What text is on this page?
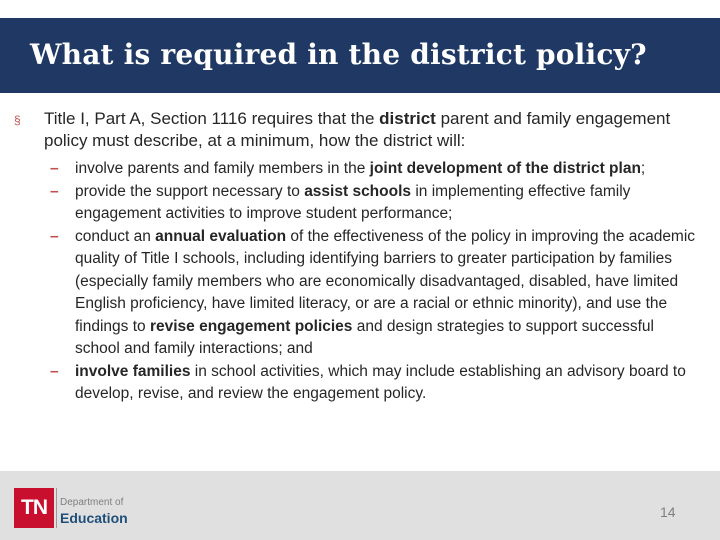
What is required in the district policy?
§ Title I, Part A, Section 1116 requires that the district parent and family engagement policy must describe, at a minimum, how the district will:
– involve parents and family members in the joint development of the district plan;
– provide the support necessary to assist schools in implementing effective family engagement activities to improve student performance;
– conduct an annual evaluation of the effectiveness of the policy in improving the academic quality of Title I schools, including identifying barriers to greater participation by families (especially family members who are economically disadvantaged, disabled, have limited English proficiency, have limited literacy, or are a racial or ethnic minority), and use the findings to revise engagement policies and design strategies to support successful school and family interactions; and
– involve families in school activities, which may include establishing an advisory board to develop, revise, and review the engagement policy.
TN	Department of
Education	14
